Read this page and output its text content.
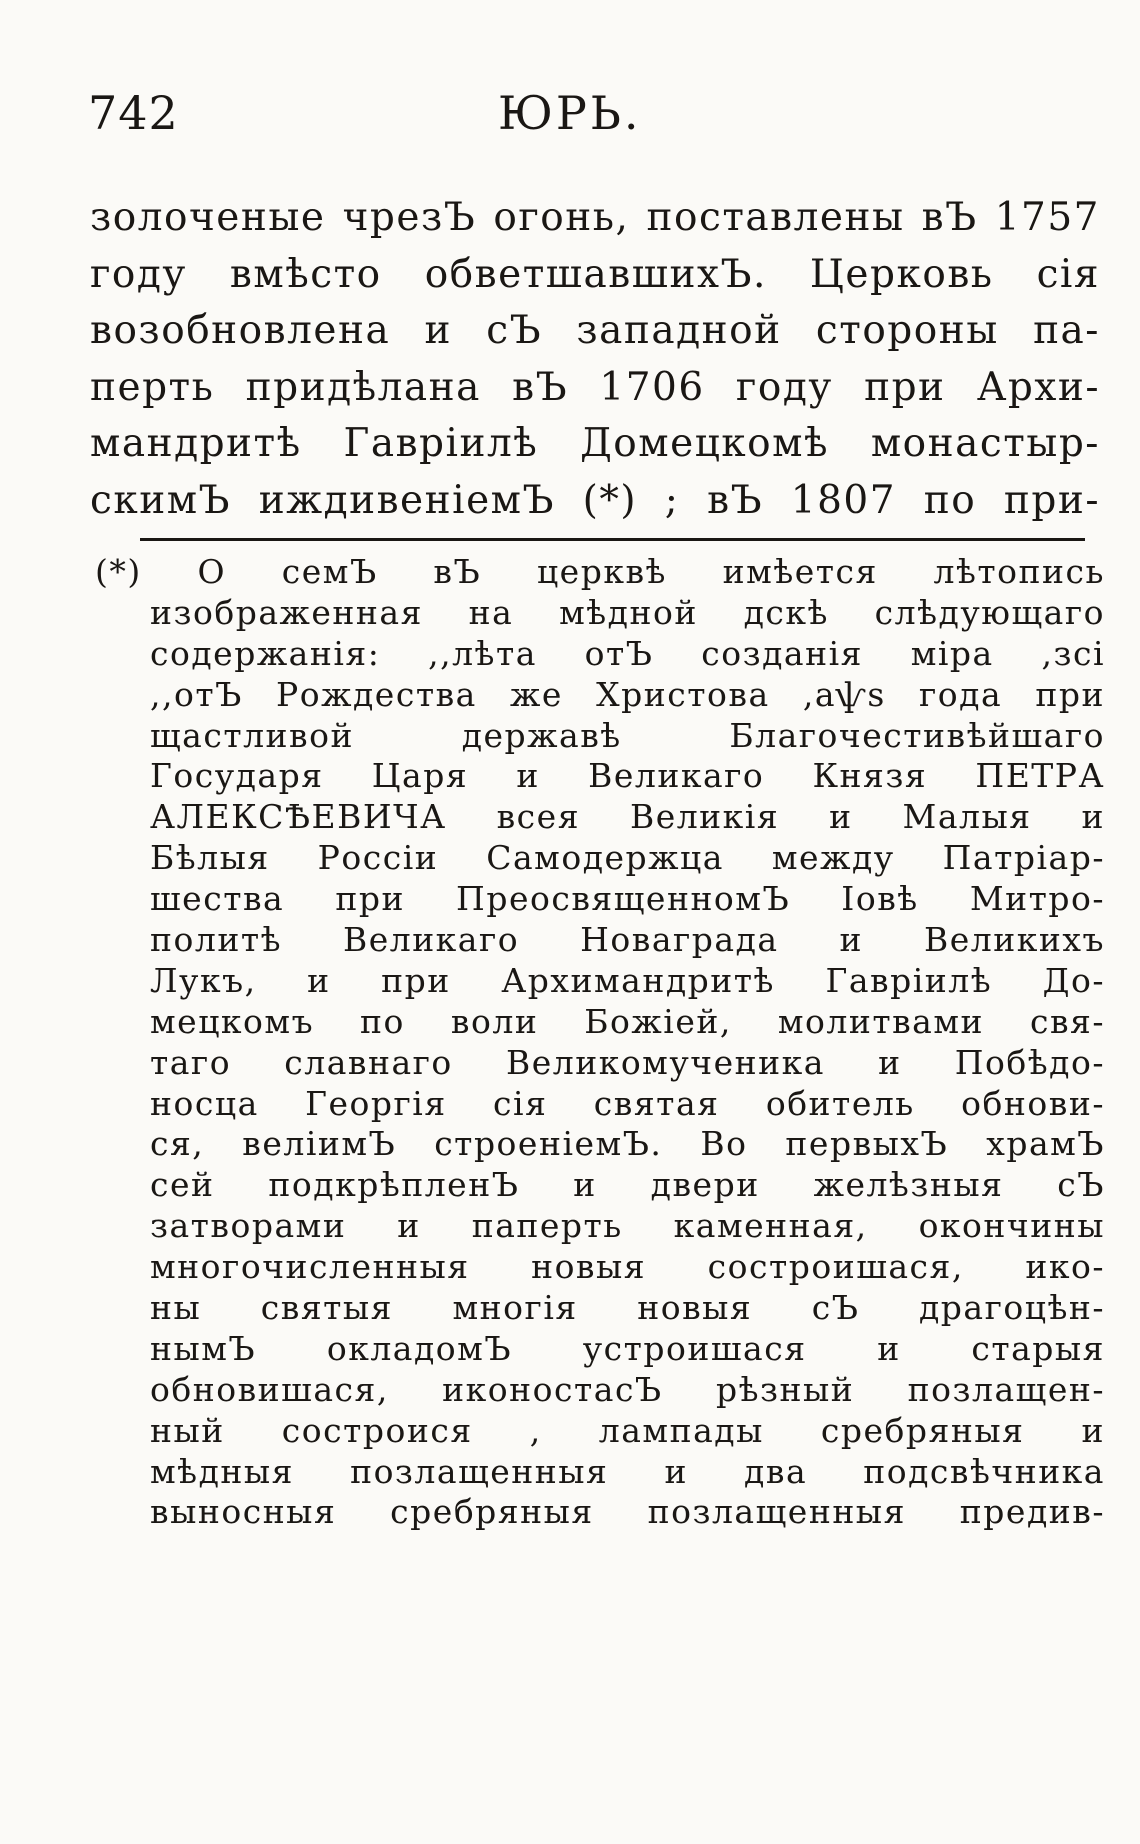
742	ЮРЬ.
золоченые чрезЪ огонь, поставлены вЪ 1757
году вмѣсто обветшавшихЪ. Церковь сія
возобновлена и сЪ западной стороны па-
перть придѣлана вЪ 1706 году при Архи-
мандритѣ Гавріилѣ Домецкомѣ монастыр-
скимЪ иждивеніемЪ (*) ; вЪ 1807 по при-
(*) О семЪ вЪ церквѣ имѣется лѣтопись
изображенная на мѣдной дскѣ слѣдующаго
содержанія: ,,лѣта отЪ созданія міра ,зсі
,,отЪ Рождества же Христова ,аѱѕ года при
щастливой державѣ Благочестивѣйшаго
Государя Царя и Великаго Князя ПЕТРА
АЛЕКСѢЕВИЧА всея Великія и Малыя и
Бѣлыя Россіи Самодержца между Патріар-
шества при ПреосвященномЪ Іовѣ Митро-
политѣ Великаго Новаграда и Великихъ
Лукъ, и при Архимандритѣ Гавріилѣ До-
мецкомъ по воли Божіей, молитвами свя-
таго славнаго Великомученика и Побѣдо-
носца Георгія сія святая обитель обнови-
ся, веліимЪ строеніемЪ. Во первыхЪ храмЪ
сей подкрѣпленЪ и двери желѣзныя сЪ
затворами и паперть каменная, окончины
многочисленныя новыя состроишася, ико-
ны святыя многія новыя сЪ драгоцѣн-
нымЪ окладомЪ устроишася и старыя
обновишася, иконостасЪ рѣзный позлащен-
ный состроися , лампады сребряныя и
мѣдныя позлащенныя и два подсвѣчника
выносныя сребряныя позлащенныя предив-
